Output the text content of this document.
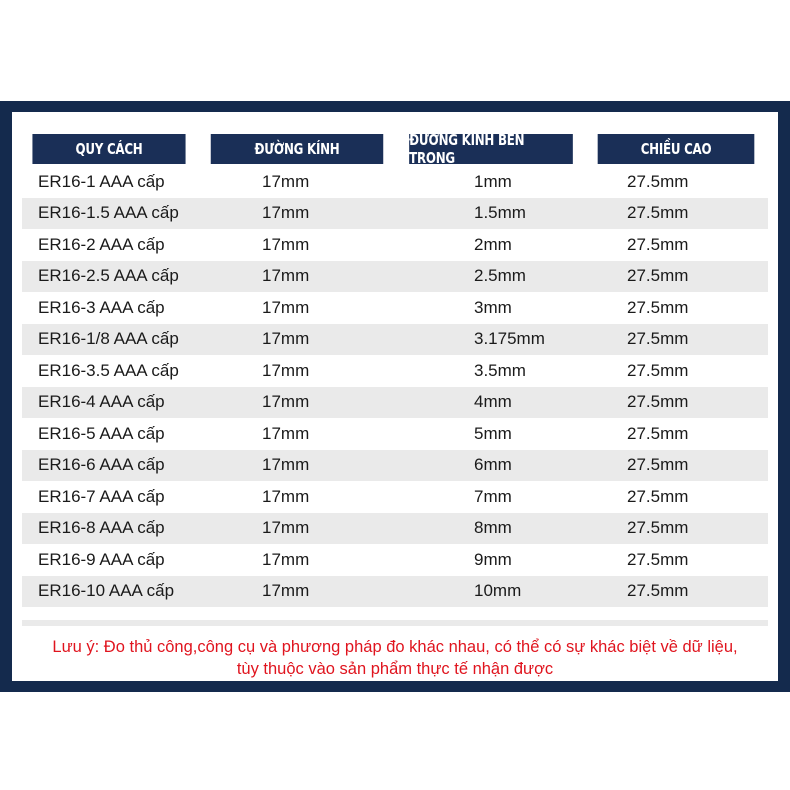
QUY CÁCH	ĐƯỜNG KÍNH	ĐƯỜNG KÍNH BÊN TRONG	CHIỀU CAO
ER16-1 AAA cấp	17mm	1mm	27.5mm
ER16-1.5 AAA cấp	17mm	1.5mm	27.5mm
ER16-2 AAA cấp	17mm	2mm	27.5mm
ER16-2.5 AAA cấp	17mm	2.5mm	27.5mm
ER16-3 AAA cấp	17mm	3mm	27.5mm
ER16-1/8 AAA cấp	17mm	3.175mm	27.5mm
ER16-3.5 AAA cấp	17mm	3.5mm	27.5mm
ER16-4 AAA cấp	17mm	4mm	27.5mm
ER16-5 AAA cấp	17mm	5mm	27.5mm
ER16-6 AAA cấp	17mm	6mm	27.5mm
ER16-7 AAA cấp	17mm	7mm	27.5mm
ER16-8 AAA cấp	17mm	8mm	27.5mm
ER16-9 AAA cấp	17mm	9mm	27.5mm
ER16-10 AAA cấp	17mm	10mm	27.5mm
Lưu ý: Đo thủ công,công cụ và phương pháp đo khác nhau, có thể có sự khác biệt về dữ liệu,
tùy thuộc vào sản phẩm thực tế nhận được
